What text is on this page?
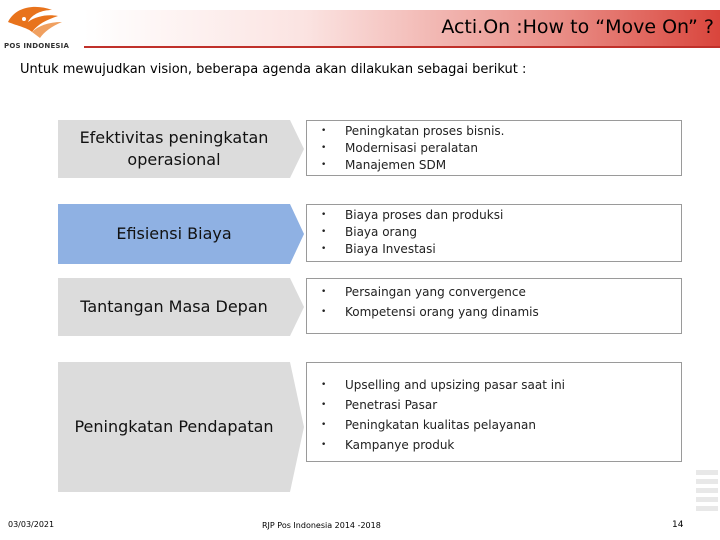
POS INDONESIA
Acti.On :How to “Move On” ?
Untuk mewujudkan vision, beberapa agenda akan dilakukan sebagai berikut :
Efektivitas peningkatan operasional
• Peningkatan proses bisnis.
• Modernisasi peralatan
• Manajemen SDM
Efisiensi Biaya
• Biaya proses dan produksi
• Biaya orang
• Biaya Investasi
Tantangan Masa Depan
• Persaingan yang convergence
• Kompetensi orang yang dinamis
Peningkatan Pendapatan
• Upselling and upsizing pasar saat ini
• Penetrasi Pasar
• Peningkatan kualitas pelayanan
• Kampanye produk
03/03/2021	RJP Pos Indonesia 2014 -2018	14
